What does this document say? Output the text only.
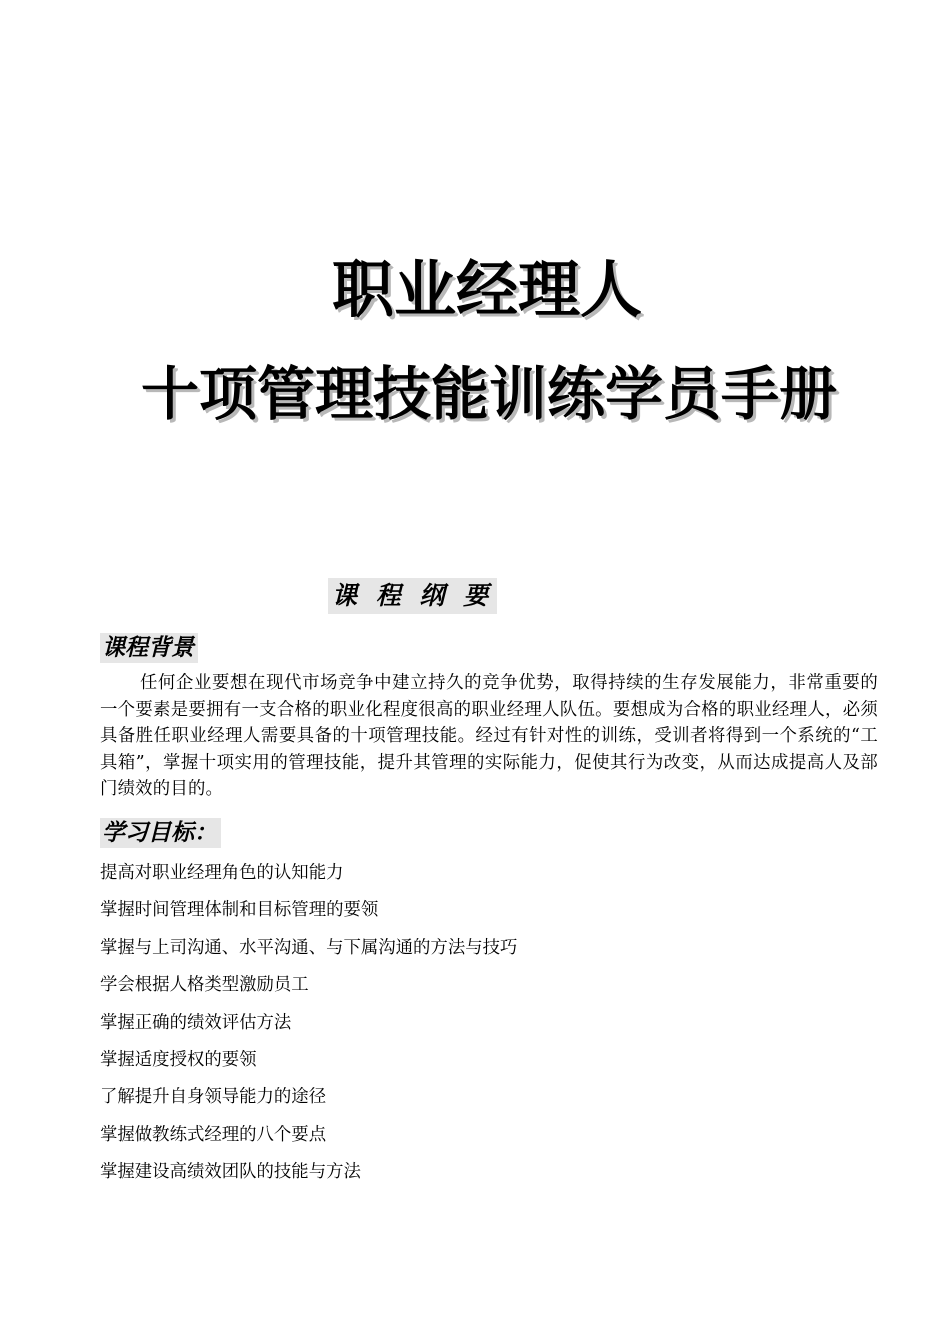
职业经理人
十项管理技能训练学员手册
课 程 纲 要
课程背景

任何企业要想在现代市场竞争中建立持久的竞争优势，取得持续的生存发展能力，非常重要的一个要素是要拥有一支合格的职业化程度很高的职业经理人队伍。要想成为合格的职业经理人，必须具备胜任职业经理人需要具备的十项管理技能。经过有针对性的训练，受训者将得到一个系统的“工具箱”，掌握十项实用的管理技能，提升其管理的实际能力，促使其行为改变，从而达成提高人及部门绩效的目的。

学习目标：
提高对职业经理角色的认知能力
掌握时间管理体制和目标管理的要领
掌握与上司沟通、水平沟通、与下属沟通的方法与技巧
学会根据人格类型激励员工
掌握正确的绩效评估方法
掌握适度授权的要领
了解提升自身领导能力的途径
掌握做教练式经理的八个要点
掌握建设高绩效团队的技能与方法
